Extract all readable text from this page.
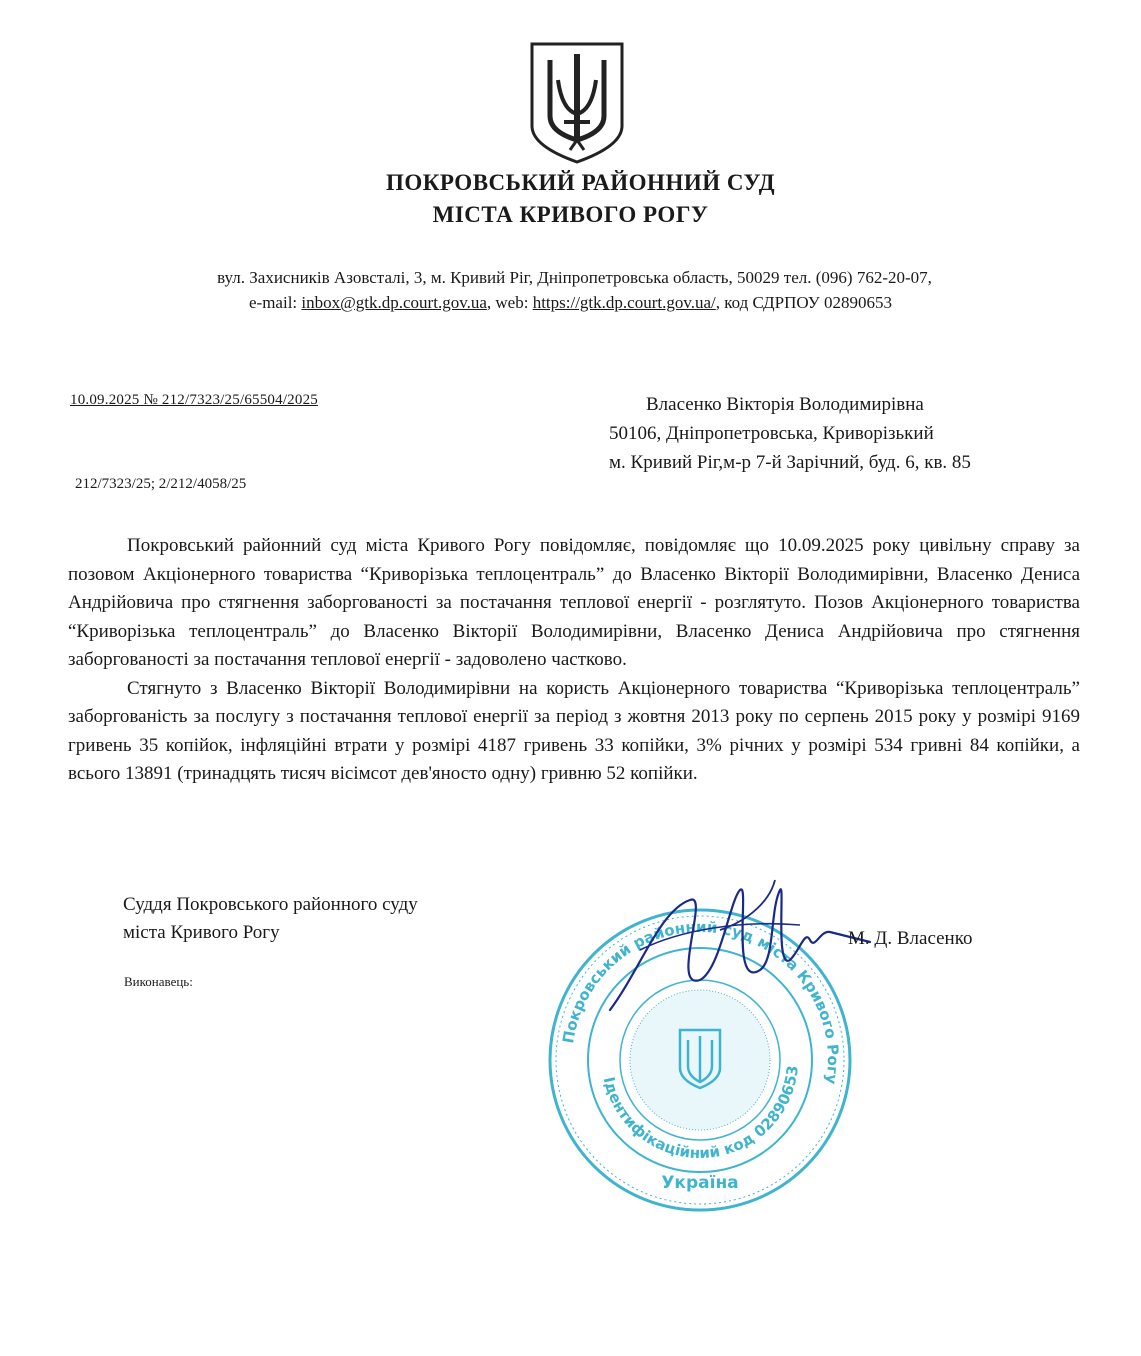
ПОКРОВСЬКИЙ РАЙОННИЙ СУД
МІСТА КРИВОГО РОГУ
вул. Захисників Азовсталі, 3, м. Кривий Ріг, Дніпропетровська область, 50029 тел. (096) 762-20-07,
e-mail: inbox@gtk.dp.court.gov.ua, web: https://gtk.dp.court.gov.ua/, код СДРПОУ 02890653
10.09.2025 № 212/7323/25/65504/2025
212/7323/25; 2/212/4058/25
Власенко Вікторія Володимирівна
50106, Дніпропетровська, Криворізький
м. Кривий Ріг,м-р 7-й Зарічний, буд. 6, кв. 85

Покровський районний суд міста Кривого Рогу повідомляє, повідомляє що 10.09.2025 року цивільну справу за позовом Акціонерного товариства “Криворізька теплоцентраль” до Власенко Вікторії Володимирівни, Власенко Дениса Андрійовича про стягнення заборгованості за постачання теплової енергії - розглятуто. Позов Акціонерного товариства “Криворізька теплоцентраль” до Власенко Вікторії Володимирівни, Власенко Дениса Андрійовича про стягнення заборгованості за постачання теплової енергії - задоволено частково.

Стягнуто з Власенко Вікторії Володимирівни на користь Акціонерного товариства “Криворізька теплоцентраль” заборгованість за послугу з постачання теплової енергії за період з жовтня 2013 року по серпень 2015 року у розмірі 9169 гривень 35 копійок, інфляційні втрати у розмірі 4187 гривень 33 копійки, 3% річних у розмірі 534 гривні 84 копійки, а всього 13891 (тринадцять тисяч вісімсот дев'яносто одну) гривню 52 копійки.

Покровський районний суд міста Кривого Рогу
Ідентифікаційний код 02890653
Україна
Суддя Покровського районного суду
міста Кривого Рогу	М. Д. Власенко
Виконавець:
